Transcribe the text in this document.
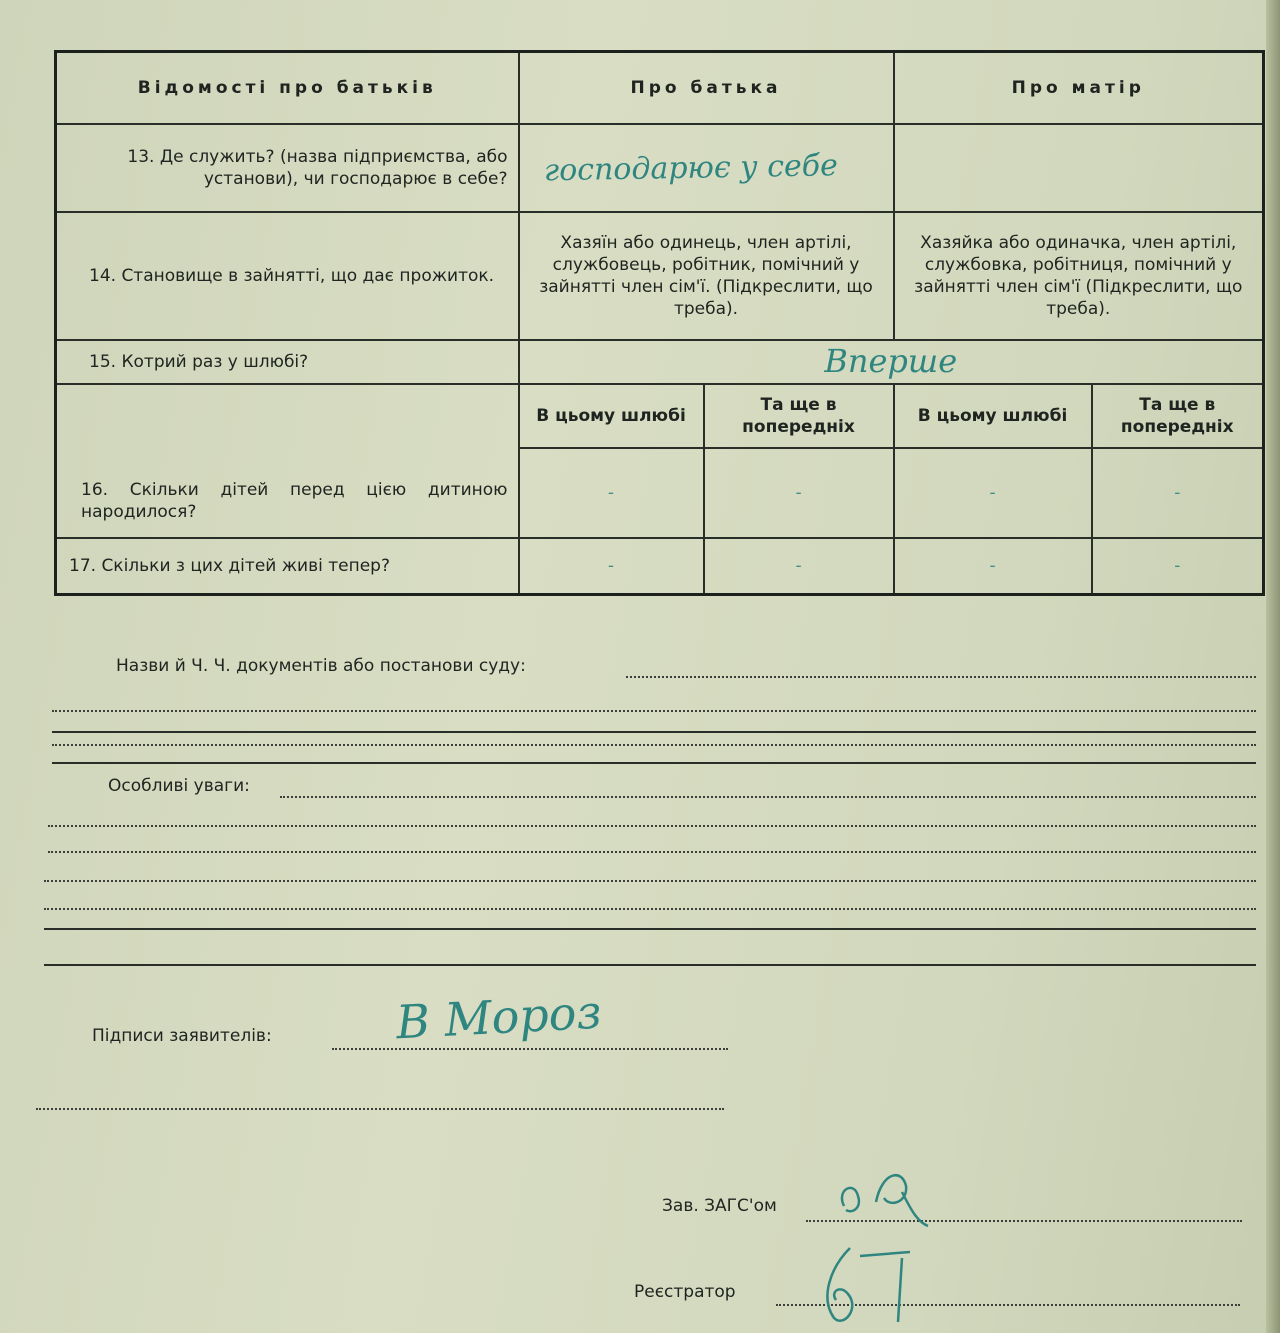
Відомості про батьків	Про батька		Про матір	
13. Де служить? (назва підприємства, або установи), чи господарює в себе?	господарює у себе			
14. Становище в зайнятті, що дає прожиток.	Хазяїн або одинець, член артілі, службовець, робітник, помічний у зайнятті член сім'ї. (Підкреслити, що треба).		Хазяйка або одиначка, член артілі, службовка, робітниця, помічний у зайнятті член сім'ї (Підкреслити, що треба).	
15. Котрий раз у шлюбі?	Вперше			
16. Скільки дітей перед цією дитиною народилося?	В цьому шлюбі	Та ще в попередніх	В цьому шлюбі	Та ще в попередніх
	-	-	-	-
17. Скільки з цих дітей живі тепер?	-	-	-	-
Назви й Ч. Ч. документів або постанови суду:
Особливі уваги:
Підписи заявителів:	В Мороз
Зав. ЗАГС'ом
Реєстратор
